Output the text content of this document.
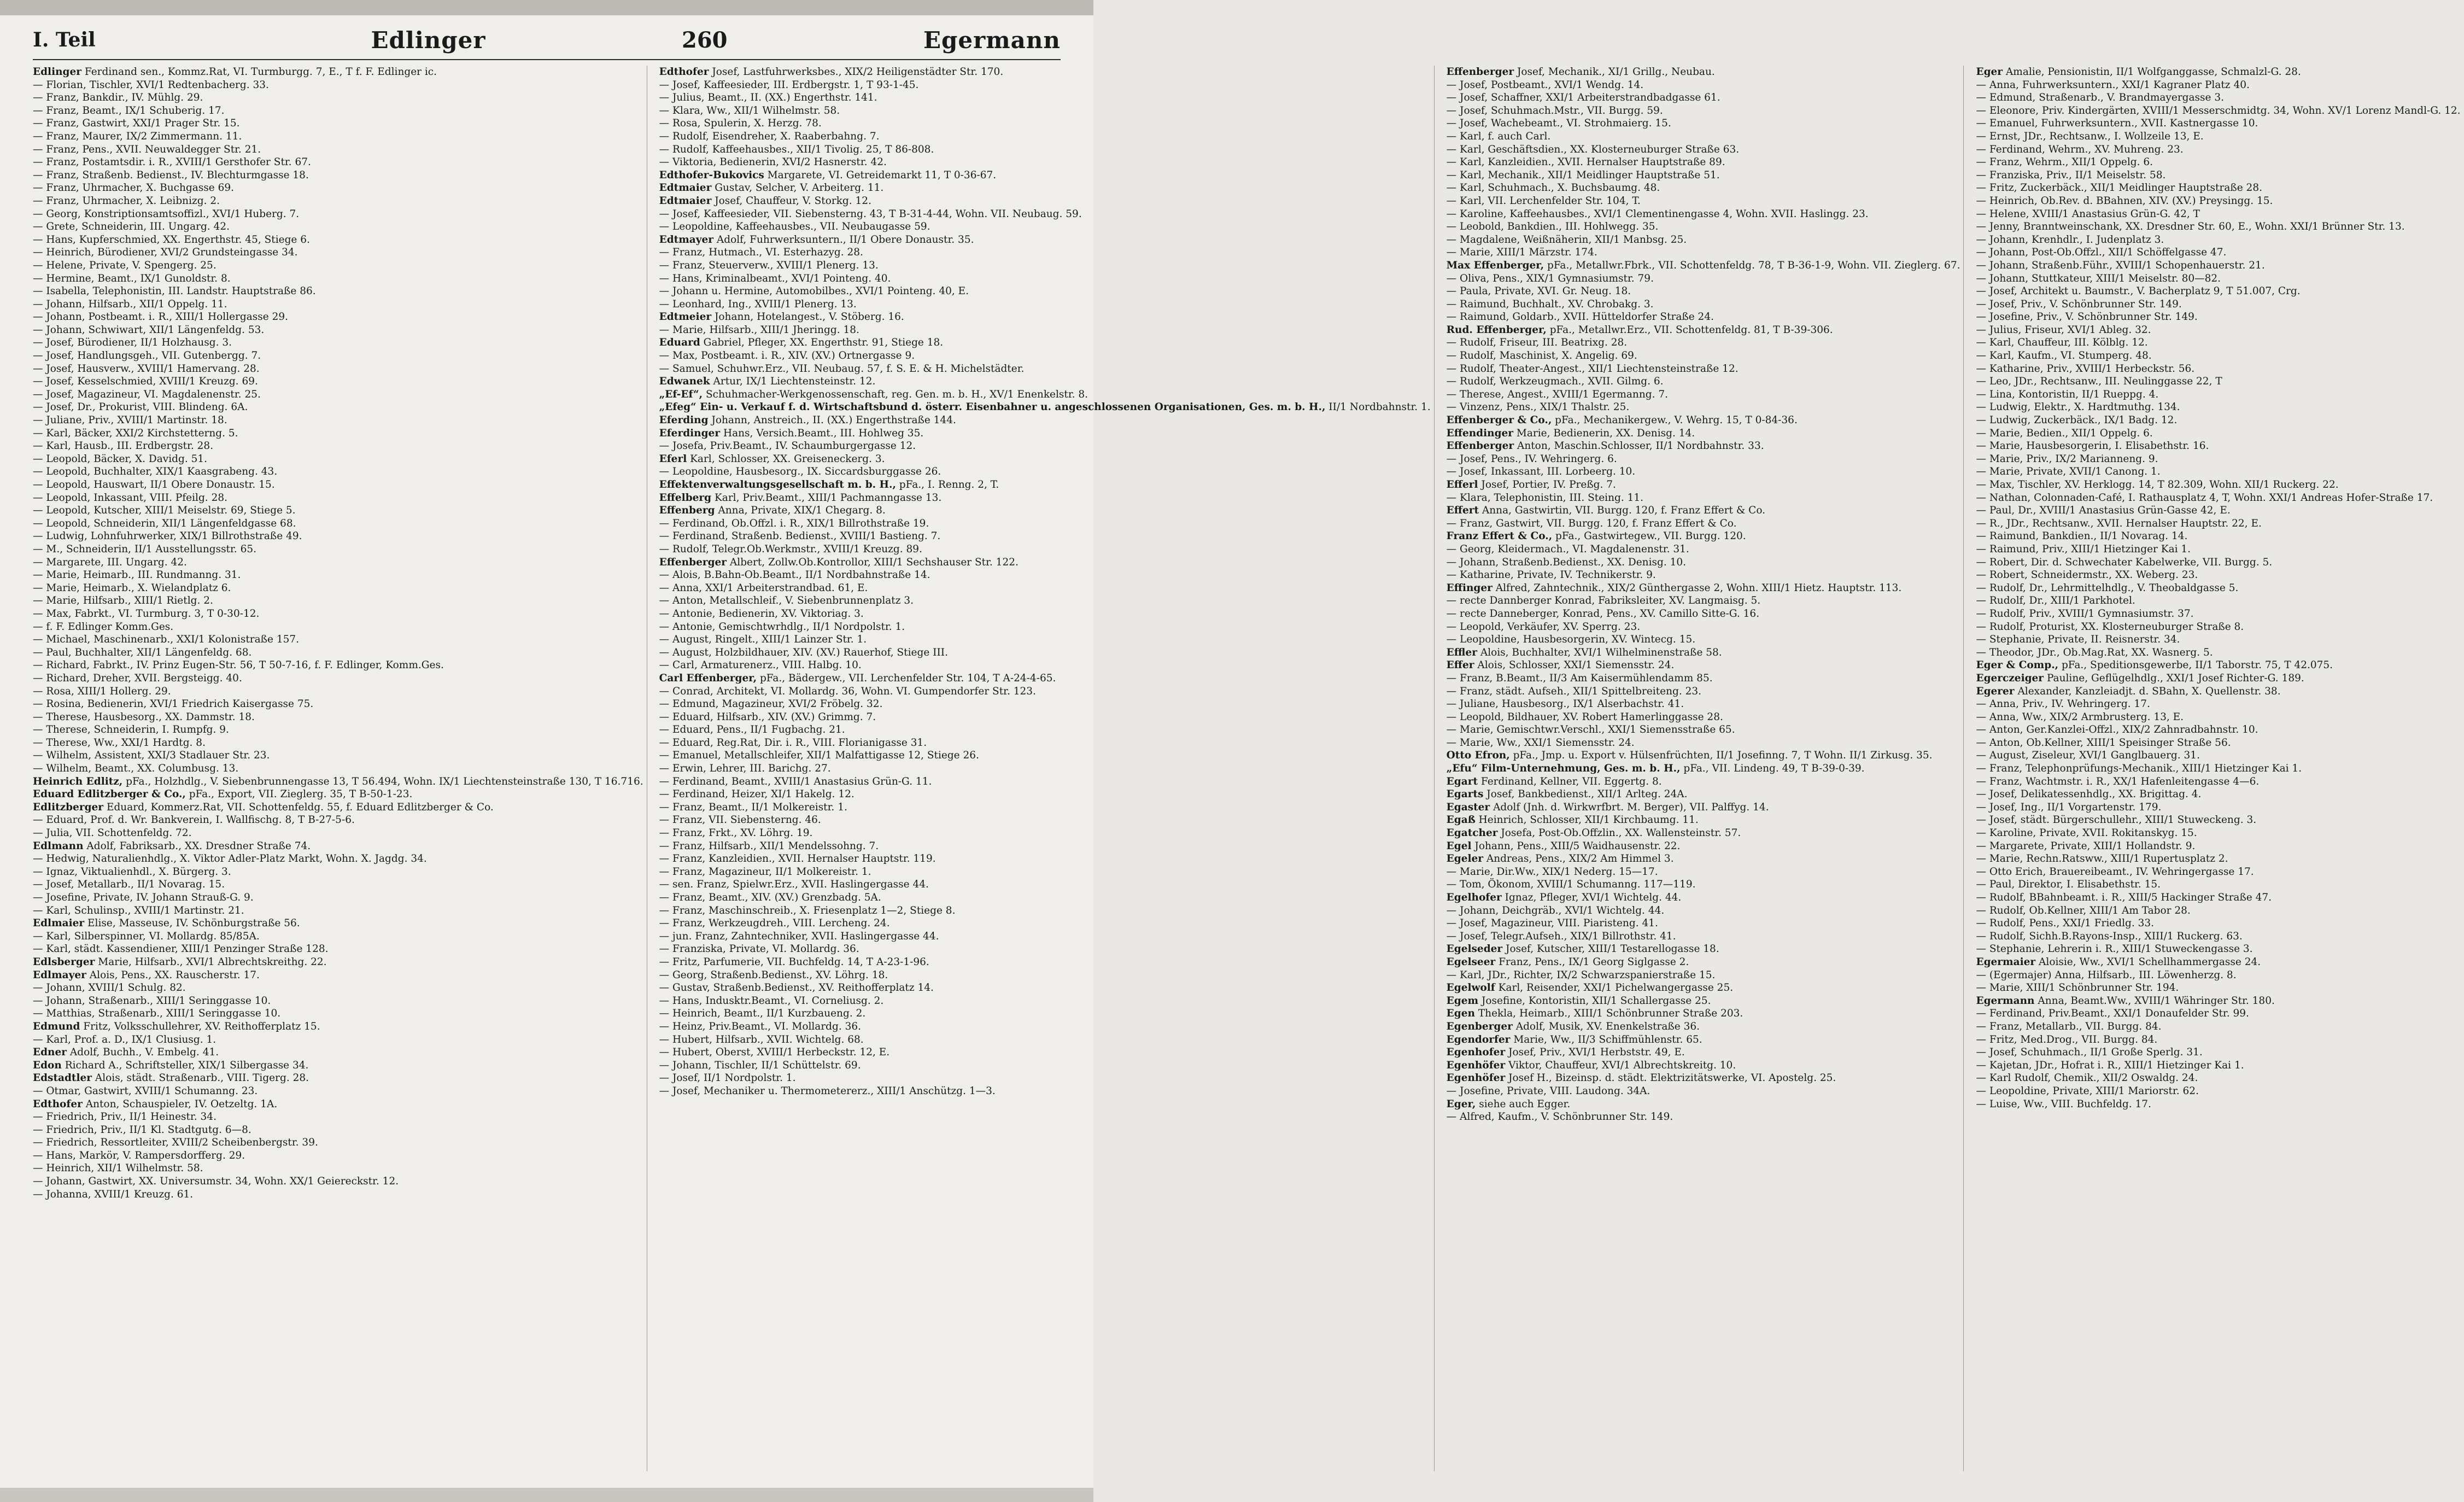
I. Teil	Edlinger	260	Egermann
Edlinger Ferdinand sen., Kommz.Rat, VI. Turmburgg. 7, E., T f. F. Edlinger ic.
— Florian, Tischler, XVI/1 Redtenbacherg. 33.
— Franz, Bankdir., IV. Mühlg. 29.
— Franz, Beamt., IX/1 Schuberig. 17.
— Franz, Gastwirt, XXI/1 Prager Str. 15.
— Franz, Maurer, IX/2 Zimmermann. 11.
— Franz, Pens., XVII. Neuwaldegger Str. 21.
— Franz, Postamtsdir. i. R., XVIII/1 Gersthofer Str. 67.
— Franz, Straßenb. Bedienst., IV. Blechturmgasse 18.
— Franz, Uhrmacher, X. Buchgasse 69.
— Franz, Uhrmacher, X. Leibnizg. 2.
— Georg, Konstriptionsamtsoffizl., XVI/1 Huberg. 7.
— Grete, Schneiderin, III. Ungarg. 42.
— Hans, Kupferschmied, XX. Engerthstr. 45, Stiege 6.
— Heinrich, Bürodiener, XVI/2 Grundsteingasse 34.
— Helene, Private, V. Spengerg. 25.
— Hermine, Beamt., IX/1 Gunoldstr. 8.
— Isabella, Telephonistin, III. Landstr. Hauptstraße 86.
— Johann, Hilfsarb., XII/1 Oppelg. 11.
— Johann, Postbeamt. i. R., XIII/1 Hollergasse 29.
— Johann, Schwiwart, XII/1 Längenfeldg. 53.
— Josef, Bürodiener, II/1 Holzhausg. 3.
— Josef, Handlungsgeh., VII. Gutenbergg. 7.
— Josef, Hausverw., XVIII/1 Hamervang. 28.
— Josef, Kesselschmied, XVIII/1 Kreuzg. 69.
— Josef, Magazineur, VI. Magdalenenstr. 25.
— Josef, Dr., Prokurist, VIII. Blindeng. 6A.
— Juliane, Priv., XVIII/1 Martinstr. 18.
— Karl, Bäcker, XXI/2 Kirchstetterng. 5.
— Karl, Hausb., III. Erdbergstr. 28.
— Leopold, Bäcker, X. Davidg. 51.
— Leopold, Buchhalter, XIX/1 Kaasgrabeng. 43.
— Leopold, Hauswart, II/1 Obere Donaustr. 15.
— Leopold, Inkassant, VIII. Pfeilg. 28.
— Leopold, Kutscher, XIII/1 Meiselstr. 69, Stiege 5.
— Leopold, Schneiderin, XII/1 Längenfeldgasse 68.
— Ludwig, Lohnfuhrwerker, XIX/1 Billrothstraße 49.
— M., Schneiderin, II/1 Ausstellungsstr. 65.
— Margarete, III. Ungarg. 42.
— Marie, Heimarb., III. Rundmanng. 31.
— Marie, Heimarb., X. Wielandplatz 6.
— Marie, Hilfsarb., XIII/1 Rietlg. 2.
— Max, Fabrkt., VI. Turmburg. 3, T 0-30-12.
— f. F. Edlinger Komm.Ges.
— Michael, Maschinenarb., XXI/1 Kolonistraße 157.
— Paul, Buchhalter, XII/1 Längenfeldg. 68.
— Richard, Fabrkt., IV. Prinz Eugen-Str. 56, T 50-7-16, f. F. Edlinger, Komm.Ges.
— Richard, Dreher, XVII. Bergsteigg. 40.
— Rosa, XIII/1 Hollerg. 29.
— Rosina, Bedienerin, XVI/1 Friedrich Kaisergasse 75.
— Therese, Hausbesorg., XX. Dammstr. 18.
— Therese, Schneiderin, I. Rumpfg. 9.
— Therese, Ww., XXI/1 Hardtg. 8.
— Wilhelm, Assistent, XXI/3 Stadlauer Str. 23.
— Wilhelm, Beamt., XX. Columbusg. 13.
Heinrich Edlitz, pFa., Holzhdlg., V. Siebenbrunnengasse 13, T 56.494, Wohn. IX/1 Liechtensteinstraße 130, T 16.716.
Eduard Edlitzberger & Co., pFa., Export, VII. Zieglerg. 35, T B-50-1-23.
Edlitzberger Eduard, Kommerz.Rat, VII. Schottenfeldg. 55, f. Eduard Edlitzberger & Co.
— Eduard, Prof. d. Wr. Bankverein, I. Wallfischg. 8, T B-27-5-6.
— Julia, VII. Schottenfeldg. 72.
Edlmann Adolf, Fabriksarb., XX. Dresdner Straße 74.
— Hedwig, Naturalienhdlg., X. Viktor Adler-Platz Markt, Wohn. X. Jagdg. 34.
— Ignaz, Viktualienhdl., X. Bürgerg. 3.
— Josef, Metallarb., II/1 Novarag. 15.
— Josefine, Private, IV. Johann Strauß-G. 9.
— Karl, Schulinsp., XVIII/1 Martinstr. 21.
Edlmaier Elise, Masseuse, IV. Schönburgstraße 56.
— Karl, Silberspinner, VI. Mollardg. 85/85A.
— Karl, städt. Kassendiener, XIII/1 Penzinger Straße 128.
Edlsberger Marie, Hilfsarb., XVI/1 Albrechtskreithg. 22.
Edlmayer Alois, Pens., XX. Rauscherstr. 17.
— Johann, XVIII/1 Schulg. 82.
— Johann, Straßenarb., XIII/1 Seringgasse 10.
— Matthias, Straßenarb., XIII/1 Seringgasse 10.
Edmund Fritz, Volksschullehrer, XV. Reithofferplatz 15.
— Karl, Prof. a. D., IX/1 Clusiusg. 1.
Edner Adolf, Buchh., V. Embelg. 41.
Edon Richard A., Schriftsteller, XIX/1 Silbergasse 34.
Edstadtler Alois, städt. Straßenarb., VIII. Tigerg. 28.
— Otmar, Gastwirt, XVIII/1 Schumanng. 23.
Edthofer Anton, Schauspieler, IV. Oetzeltg. 1A.
— Friedrich, Priv., II/1 Heinestr. 34.
— Friedrich, Priv., II/1 Kl. Stadtgutg. 6—8.
— Friedrich, Ressortleiter, XVIII/2 Scheibenbergstr. 39.
— Hans, Markör, V. Rampersdorfferg. 29.
— Heinrich, XII/1 Wilhelmstr. 58.
— Johann, Gastwirt, XX. Universumstr. 34, Wohn. XX/1 Geiereckstr. 12.
— Johanna, XVIII/1 Kreuzg. 61.
Edthofer Josef, Lastfuhrwerksbes., XIX/2 Heiligenstädter Str. 170.
— Josef, Kaffeesieder, III. Erdbergstr. 1, T 93-1-45.
— Julius, Beamt., II. (XX.) Engerthstr. 141.
— Klara, Ww., XII/1 Wilhelmstr. 58.
— Rosa, Spulerin, X. Herzg. 78.
— Rudolf, Eisendreher, X. Raaberbahng. 7.
— Rudolf, Kaffeehausbes., XII/1 Tivolig. 25, T 86-808.
— Viktoria, Bedienerin, XVI/2 Hasnerstr. 42.
Edthofer-Bukovics Margarete, VI. Getreidemarkt 11, T 0-36-67.
Edtmaier Gustav, Selcher, V. Arbeiterg. 11.
Edtmaier Josef, Chauffeur, V. Storkg. 12.
— Josef, Kaffeesieder, VII. Siebensterng. 43, T B-31-4-44, Wohn. VII. Neubaug. 59.
— Leopoldine, Kaffeehausbes., VII. Neubaugasse 59.
Edtmayer Adolf, Fuhrwerksuntern., II/1 Obere Donaustr. 35.
— Franz, Hutmach., VI. Esterhazyg. 28.
— Franz, Steuerverw., XVIII/1 Plenerg. 13.
— Hans, Kriminalbeamt., XVI/1 Pointeng. 40.
— Johann u. Hermine, Automobilbes., XVI/1 Pointeng. 40, E.
— Leonhard, Ing., XVIII/1 Plenerg. 13.
Edtmeier Johann, Hotelangest., V. Stöberg. 16.
— Marie, Hilfsarb., XIII/1 Jheringg. 18.
Eduard Gabriel, Pfleger, XX. Engerthstr. 91, Stiege 18.
— Max, Postbeamt. i. R., XIV. (XV.) Ortnergasse 9.
— Samuel, Schuhwr.Erz., VII. Neubaug. 57, f. S. E. & H. Michelstädter.
Edwanek Artur, IX/1 Liechtensteinstr. 12.
„Ef-Ef“, Schuhmacher-Werkgenossenschaft, reg. Gen. m. b. H., XV/1 Enenkelstr. 8.
„Efeg“ Ein- u. Verkauf f. d. Wirtschaftsbund d. österr. Eisenbahner u. angeschlossenen Organisationen, Ges. m. b. H., II/1 Nordbahnstr. 1.
Eferding Johann, Anstreich., II. (XX.) Engerthstraße 144.
Eferdinger Hans, Versich.Beamt., III. Hohlweg 35.
— Josefa, Priv.Beamt., IV. Schaumburgergasse 12.
Eferl Karl, Schlosser, XX. Greiseneckerg. 3.
— Leopoldine, Hausbesorg., IX. Siccardsburggasse 26.
Effektenverwaltungsgesellschaft m. b. H., pFa., I. Renng. 2, T.
Effelberg Karl, Priv.Beamt., XIII/1 Pachmanngasse 13.
Effenberg Anna, Private, XIX/1 Chegarg. 8.
— Ferdinand, Ob.Offzl. i. R., XIX/1 Billrothstraße 19.
— Ferdinand, Straßenb. Bedienst., XVIII/1 Bastieng. 7.
— Rudolf, Telegr.Ob.Werkmstr., XVIII/1 Kreuzg. 89.
Effenberger Albert, Zollw.Ob.Kontrollor, XIII/1 Sechshauser Str. 122.
— Alois, B.Bahn-Ob.Beamt., II/1 Nordbahnstraße 14.
— Anna, XXI/1 Arbeiterstrandbad. 61, E.
— Anton, Metallschleif., V. Siebenbrunnenplatz 3.
— Antonie, Bedienerin, XV. Viktoriag. 3.
— Antonie, Gemischtwrhdlg., II/1 Nordpolstr. 1.
— August, Ringelt., XIII/1 Lainzer Str. 1.
— August, Holzbildhauer, XIV. (XV.) Rauerhof, Stiege III.
— Carl, Armaturenerz., VIII. Halbg. 10.
Carl Effenberger, pFa., Bädergew., VII. Lerchenfelder Str. 104, T A-24-4-65.
— Conrad, Architekt, VI. Mollardg. 36, Wohn. VI. Gumpendorfer Str. 123.
— Edmund, Magazineur, XVI/2 Fröbelg. 32.
— Eduard, Hilfsarb., XIV. (XV.) Grimmg. 7.
— Eduard, Pens., II/1 Fugbachg. 21.
— Eduard, Reg.Rat, Dir. i. R., VIII. Florianigasse 31.
— Emanuel, Metallschleifer, XII/1 Malfattigasse 12, Stiege 26.
— Erwin, Lehrer, III. Barichg. 27.
— Ferdinand, Beamt., XVIII/1 Anastasius Grün-G. 11.
— Ferdinand, Heizer, XI/1 Hakelg. 12.
— Franz, Beamt., II/1 Molkereistr. 1.
— Franz, VII. Siebensterng. 46.
— Franz, Frkt., XV. Löhrg. 19.
— Franz, Hilfsarb., XII/1 Mendelssohng. 7.
— Franz, Kanzleidien., XVII. Hernalser Hauptstr. 119.
— Franz, Magazineur, II/1 Molkereistr. 1.
— sen. Franz, Spielwr.Erz., XVII. Haslingergasse 44.
— Franz, Beamt., XIV. (XV.) Grenzbadg. 5A.
— Franz, Maschinschreib., X. Friesenplatz 1—2, Stiege 8.
— Franz, Werkzeugdreh., VIII. Lercheng. 24.
— jun. Franz, Zahntechniker, XVII. Haslingergasse 44.
— Franziska, Private, VI. Mollardg. 36.
— Fritz, Parfumerie, VII. Buchfeldg. 14, T A-23-1-96.
— Georg, Straßenb.Bedienst., XV. Löhrg. 18.
— Gustav, Straßenb.Bedienst., XV. Reithofferplatz 14.
— Hans, Indusktr.Beamt., VI. Corneliusg. 2.
— Heinrich, Beamt., II/1 Kurzbaueng. 2.
— Heinz, Priv.Beamt., VI. Mollardg. 36.
— Hubert, Hilfsarb., XVII. Wichtelg. 68.
— Hubert, Oberst, XVIII/1 Herbeckstr. 12, E.
— Johann, Tischler, II/1 Schüttelstr. 69.
— Josef, II/1 Nordpolstr. 1.
— Josef, Mechaniker u. Thermometererz., XIII/1 Anschützg. 1—3.
Effenberger Josef, Mechanik., XI/1 Grillg., Neubau.
— Josef, Postbeamt., XVI/1 Wendg. 14.
— Josef, Schaffner, XXI/1 Arbeiterstrandbadgasse 61.
— Josef, Schuhmach.Mstr., VII. Burgg. 59.
— Josef, Wachebeamt., VI. Strohmaierg. 15.
— Karl, f. auch Carl.
— Karl, Geschäftsdien., XX. Klosterneuburger Straße 63.
— Karl, Kanzleidien., XVII. Hernalser Hauptstraße 89.
— Karl, Mechanik., XII/1 Meidlinger Hauptstraße 51.
— Karl, Schuhmach., X. Buchsbaumg. 48.
— Karl, VII. Lerchenfelder Str. 104, T.
— Karoline, Kaffeehausbes., XVI/1 Clementinengasse 4, Wohn. XVII. Haslingg. 23.
— Leobold, Bankdien., III. Hohlwegg. 35.
— Magdalene, Weißnäherin, XII/1 Manbsg. 25.
— Marie, XIII/1 Märzstr. 174.
Max Effenberger, pFa., Metallwr.Fbrk., VII. Schottenfeldg. 78, T B-36-1-9, Wohn. VII. Zieglerg. 67.
— Oliva, Pens., XIX/1 Gymnasiumstr. 79.
— Paula, Private, XVI. Gr. Neug. 18.
— Raimund, Buchhalt., XV. Chrobakg. 3.
— Raimund, Goldarb., XVII. Hütteldorfer Straße 24.
Rud. Effenberger, pFa., Metallwr.Erz., VII. Schottenfeldg. 81, T B-39-306.
— Rudolf, Friseur, III. Beatrixg. 28.
— Rudolf, Maschinist, X. Angelig. 69.
— Rudolf, Theater-Angest., XII/1 Liechtensteinstraße 12.
— Rudolf, Werkzeugmach., XVII. Gilmg. 6.
— Therese, Angest., XVIII/1 Egermanng. 7.
— Vinzenz, Pens., XIX/1 Thalstr. 25.
Effenberger & Co., pFa., Mechanikergew., V. Wehrg. 15, T 0-84-36.
Effendinger Marie, Bedienerin, XX. Denisg. 14.
Effenberger Anton, Maschin.Schlosser, II/1 Nordbahnstr. 33.
— Josef, Pens., IV. Wehringerg. 6.
— Josef, Inkassant, III. Lorbeerg. 10.
Efferl Josef, Portier, IV. Preßg. 7.
— Klara, Telephonistin, III. Steing. 11.
Effert Anna, Gastwirtin, VII. Burgg. 120, f. Franz Effert & Co.
— Franz, Gastwirt, VII. Burgg. 120, f. Franz Effert & Co.
Franz Effert & Co., pFa., Gastwirtegew., VII. Burgg. 120.
— Georg, Kleidermach., VI. Magdalenenstr. 31.
— Johann, Straßenb.Bedienst., XX. Denisg. 10.
— Katharine, Private, IV. Technikerstr. 9.
Effinger Alfred, Zahntechnik., XIX/2 Günthergasse 2, Wohn. XIII/1 Hietz. Hauptstr. 113.
— recte Dannberger Konrad, Fabriksleiter, XV. Langmaisg. 5.
— recte Danneberger, Konrad, Pens., XV. Camillo Sitte-G. 16.
— Leopold, Verkäufer, XV. Sperrg. 23.
— Leopoldine, Hausbesorgerin, XV. Wintecg. 15.
Effler Alois, Buchhalter, XVI/1 Wilhelminenstraße 58.
Effer Alois, Schlosser, XXI/1 Siemensstr. 24.
— Franz, B.Beamt., II/3 Am Kaisermühlendamm 85.
— Franz, städt. Aufseh., XII/1 Spittelbreiteng. 23.
— Juliane, Hausbesorg., IX/1 Alserbachstr. 41.
— Leopold, Bildhauer, XV. Robert Hamerlinggasse 28.
— Marie, Gemischtwr.Verschl., XXI/1 Siemensstraße 65.
— Marie, Ww., XXI/1 Siemensstr. 24.
Otto Efron, pFa., Jmp. u. Export v. Hülsenfrüchten, II/1 Josefinng. 7, T Wohn. II/1 Zirkusg. 35.
„Efu“ Film-Unternehmung, Ges. m. b. H., pFa., VII. Lindeng. 49, T B-39-0-39.
Egart Ferdinand, Kellner, VII. Eggertg. 8.
Egarts Josef, Bankbedienst., XII/1 Arlteg. 24A.
Egaster Adolf (Jnh. d. Wirkwrfbrt. M. Berger), VII. Palffyg. 14.
Egaß Heinrich, Schlosser, XII/1 Kirchbaumg. 11.
Egatcher Josefa, Post-Ob.Offzlin., XX. Wallensteinstr. 57.
Egel Johann, Pens., XIII/5 Waidhausenstr. 22.
Egeler Andreas, Pens., XIX/2 Am Himmel 3.
— Marie, Dir.Ww., XIX/1 Nederg. 15—17.
— Tom, Ökonom, XVIII/1 Schumanng. 117—119.
Egelhofer Ignaz, Pfleger, XVI/1 Wichtelg. 44.
— Johann, Deichgräb., XVI/1 Wichtelg. 44.
— Josef, Magazineur, VIII. Piaristeng. 41.
— Josef, Telegr.Aufseh., XIX/1 Billrothstr. 41.
Egelseder Josef, Kutscher, XIII/1 Testarellogasse 18.
Egelseer Franz, Pens., IX/1 Georg Siglgasse 2.
— Karl, JDr., Richter, IX/2 Schwarzspanierstraße 15.
Egelwolf Karl, Reisender, XXI/1 Pichelwangergasse 25.
Egem Josefine, Kontoristin, XII/1 Schallergasse 25.
Egen Thekla, Heimarb., XIII/1 Schönbrunner Straße 203.
Egenberger Adolf, Musik, XV. Enenkelstraße 36.
Egendorfer Marie, Ww., II/3 Schiffmühlenstr. 65.
Egenhofer Josef, Priv., XVI/1 Herbststr. 49, E.
Egenhöfer Viktor, Chauffeur, XVI/1 Albrechtskreitg. 10.
Egenhöfer Josef H., Bizeinsp. d. städt. Elektrizitätswerke, VI. Apostelg. 25.
— Josefine, Private, VIII. Laudong. 34A.
Eger, siehe auch Egger.
— Alfred, Kaufm., V. Schönbrunner Str. 149.
Eger Amalie, Pensionistin, II/1 Wolfganggasse, Schmalzl-G. 28.
— Anna, Fuhrwerksuntern., XXI/1 Kagraner Platz 40.
— Edmund, Straßenarb., V. Brandmayergasse 3.
— Eleonore, Priv. Kindergärten, XVIII/1 Messerschmidtg. 34, Wohn. XV/1 Lorenz Mandl-G. 12.
— Emanuel, Fuhrwerksuntern., XVII. Kastnergasse 10.
— Ernst, JDr., Rechtsanw., I. Wollzeile 13, E.
— Ferdinand, Wehrm., XV. Muhreng. 23.
— Franz, Wehrm., XII/1 Oppelg. 6.
— Franziska, Priv., II/1 Meiselstr. 58.
— Fritz, Zuckerbäck., XII/1 Meidlinger Hauptstraße 28.
— Heinrich, Ob.Rev. d. BBahnen, XIV. (XV.) Preysingg. 15.
— Helene, XVIII/1 Anastasius Grün-G. 42, T
— Jenny, Branntweinschank, XX. Dresdner Str. 60, E., Wohn. XXI/1 Brünner Str. 13.
— Johann, Krenhdlr., I. Judenplatz 3.
— Johann, Post-Ob.Offzl., XII/1 Schöffelgasse 47.
— Johann, Straßenb.Führ., XVIII/1 Schopenhauerstr. 21.
— Johann, Stuttkateur, XIII/1 Meiselstr. 80—82.
— Josef, Architekt u. Baumstr., V. Bacherplatz 9, T 51.007, Crg.
— Josef, Priv., V. Schönbrunner Str. 149.
— Josefine, Priv., V. Schönbrunner Str. 149.
— Julius, Friseur, XVI/1 Ableg. 32.
— Karl, Chauffeur, III. Kölblg. 12.
— Karl, Kaufm., VI. Stumperg. 48.
— Katharine, Priv., XVIII/1 Herbeckstr. 56.
— Leo, JDr., Rechtsanw., III. Neulinggasse 22, T
— Lina, Kontoristin, II/1 Rueppg. 4.
— Ludwig, Elektr., X. Hardtmuthg. 134.
— Ludwig, Zuckerbäck., IX/1 Badg. 12.
— Marie, Bedien., XII/1 Oppelg. 6.
— Marie, Hausbesorgerin, I. Elisabethstr. 16.
— Marie, Priv., IX/2 Marianneng. 9.
— Marie, Private, XVII/1 Canong. 1.
— Max, Tischler, XV. Herklogg. 14, T 82.309, Wohn. XII/1 Ruckerg. 22.
— Nathan, Colonnaden-Café, I. Rathausplatz 4, T, Wohn. XXI/1 Andreas Hofer-Straße 17.
— Paul, Dr., XVIII/1 Anastasius Grün-Gasse 42, E.
— R., JDr., Rechtsanw., XVII. Hernalser Hauptstr. 22, E.
— Raimund, Bankdien., II/1 Novarag. 14.
— Raimund, Priv., XIII/1 Hietzinger Kai 1.
— Robert, Dir. d. Schwechater Kabelwerke, VII. Burgg. 5.
— Robert, Schneidermstr., XX. Weberg. 23.
— Rudolf, Dr., Lehrmittelhdlg., V. Theobaldgasse 5.
— Rudolf, Dr., XIII/1 Parkhotel.
— Rudolf, Priv., XVIII/1 Gymnasiumstr. 37.
— Rudolf, Proturist, XX. Klosterneuburger Straße 8.
— Stephanie, Private, II. Reisnerstr. 34.
— Theodor, JDr., Ob.Mag.Rat, XX. Wasnerg. 5.
Eger & Comp., pFa., Speditionsgewerbe, II/1 Taborstr. 75, T 42.075.
Egerczeiger Pauline, Geflügelhdlg., XXI/1 Josef Richter-G. 189.
Egerer Alexander, Kanzleiadjt. d. SBahn, X. Quellenstr. 38.
— Anna, Priv., IV. Wehringerg. 17.
— Anna, Ww., XIX/2 Armbrusterg. 13, E.
— Anton, Ger.Kanzlei-Offzl., XIX/2 Zahnradbahnstr. 10.
— Anton, Ob.Kellner, XIII/1 Speisinger Straße 56.
— August, Ziseleur, XVI/1 Ganglbauerg. 31.
— Franz, Telephonprüfungs-Mechanik., XIII/1 Hietzinger Kai 1.
— Franz, Wachtmstr. i. R., XX/1 Hafenleitengasse 4—6.
— Josef, Delikatessenhdlg., XX. Brigittag. 4.
— Josef, Ing., II/1 Vorgartenstr. 179.
— Josef, städt. Bürgerschullehr., XIII/1 Stuweckeng. 3.
— Karoline, Private, XVII. Rokitanskyg. 15.
— Margarete, Private, XIII/1 Hollandstr. 9.
— Marie, Rechn.Ratsww., XIII/1 Rupertusplatz 2.
— Otto Erich, Brauereibeamt., IV. Wehringergasse 17.
— Paul, Direktor, I. Elisabethstr. 15.
— Rudolf, BBahnbeamt. i. R., XIII/5 Hackinger Straße 47.
— Rudolf, Ob.Kellner, XIII/1 Am Tabor 28.
— Rudolf, Pens., XXI/1 Friedlg. 33.
— Rudolf, Sichh.B.Rayons-Insp., XIII/1 Ruckerg. 63.
— Stephanie, Lehrerin i. R., XIII/1 Stuweckengasse 3.
Egermaier Aloisie, Ww., XVI/1 Schellhammergasse 24.
— (Egermajer) Anna, Hilfsarb., III. Löwenherzg. 8.
— Marie, XIII/1 Schönbrunner Str. 194.
Egermann Anna, Beamt.Ww., XVIII/1 Währinger Str. 180.
— Ferdinand, Priv.Beamt., XXI/1 Donaufelder Str. 99.
— Franz, Metallarb., VII. Burgg. 84.
— Fritz, Med.Drog., VII. Burgg. 84.
— Josef, Schuhmach., II/1 Große Sperlg. 31.
— Kajetan, JDr., Hofrat i. R., XIII/1 Hietzinger Kai 1.
— Karl Rudolf, Chemik., XII/2 Oswaldg. 24.
— Leopoldine, Private, XIII/1 Mariorstr. 62.
— Luise, Ww., VIII. Buchfeldg. 17.
